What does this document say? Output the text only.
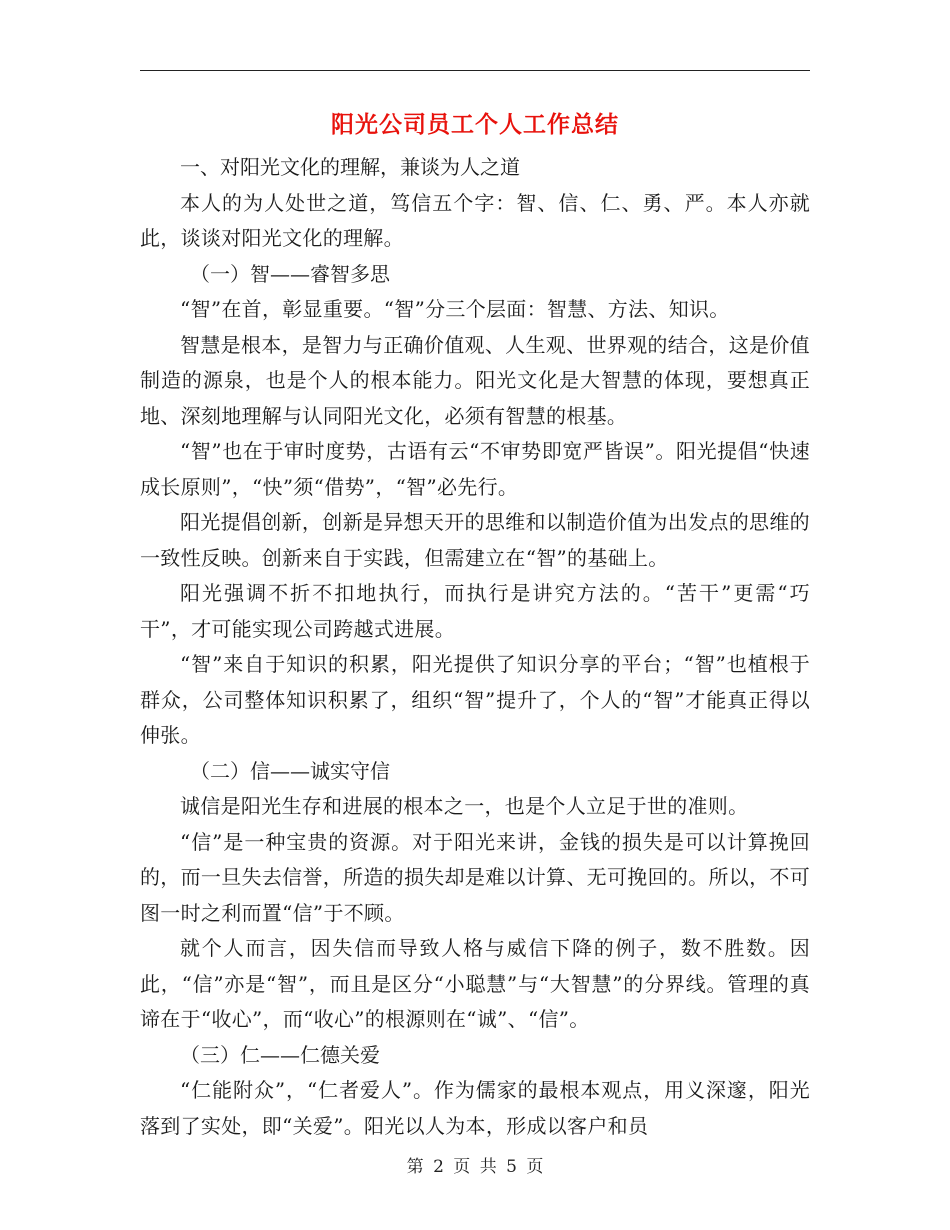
阳光公司员工个人工作总结

一、对阳光文化的理解，兼谈为人之道

本人的为人处世之道，笃信五个字：智、信、仁、勇、严。本人亦就此，谈谈对阳光文化的理解。

（一）智——睿智多思

“智”在首，彰显重要。“智”分三个层面：智慧、方法、知识。

智慧是根本，是智力与正确价值观、人生观、世界观的结合，这是价值制造的源泉，也是个人的根本能力。阳光文化是大智慧的体现，要想真正地、深刻地理解与认同阳光文化，必须有智慧的根基。

“智”也在于审时度势，古语有云“不审势即宽严皆误”。阳光提倡“快速成长原则”，“快”须“借势”，“智”必先行。

阳光提倡创新，创新是异想天开的思维和以制造价值为出发点的思维的一致性反映。创新来自于实践，但需建立在“智”的基础上。

阳光强调不折不扣地执行，而执行是讲究方法的。“苦干”更需“巧干”，才可能实现公司跨越式进展。

“智”来自于知识的积累，阳光提供了知识分享的平台；“智”也植根于群众，公司整体知识积累了，组织“智”提升了，个人的“智”才能真正得以伸张。

（二）信——诚实守信

诚信是阳光生存和进展的根本之一，也是个人立足于世的准则。

“信”是一种宝贵的资源。对于阳光来讲，金钱的损失是可以计算挽回的，而一旦失去信誉，所造的损失却是难以计算、无可挽回的。所以，不可图一时之利而置“信”于不顾。

就个人而言，因失信而导致人格与威信下降的例子，数不胜数。因此，“信”亦是“智”，而且是区分“小聪慧”与“大智慧”的分界线。管理的真谛在于“收心”，而“收心”的根源则在“诚”、“信”。

（三）仁——仁德关爱

“仁能附众”，“仁者爱人”。作为儒家的最根本观点，用义深邃，阳光落到了实处，即“关爱”。阳光以人为本，形成以客户和员

第 2 页 共 5 页
